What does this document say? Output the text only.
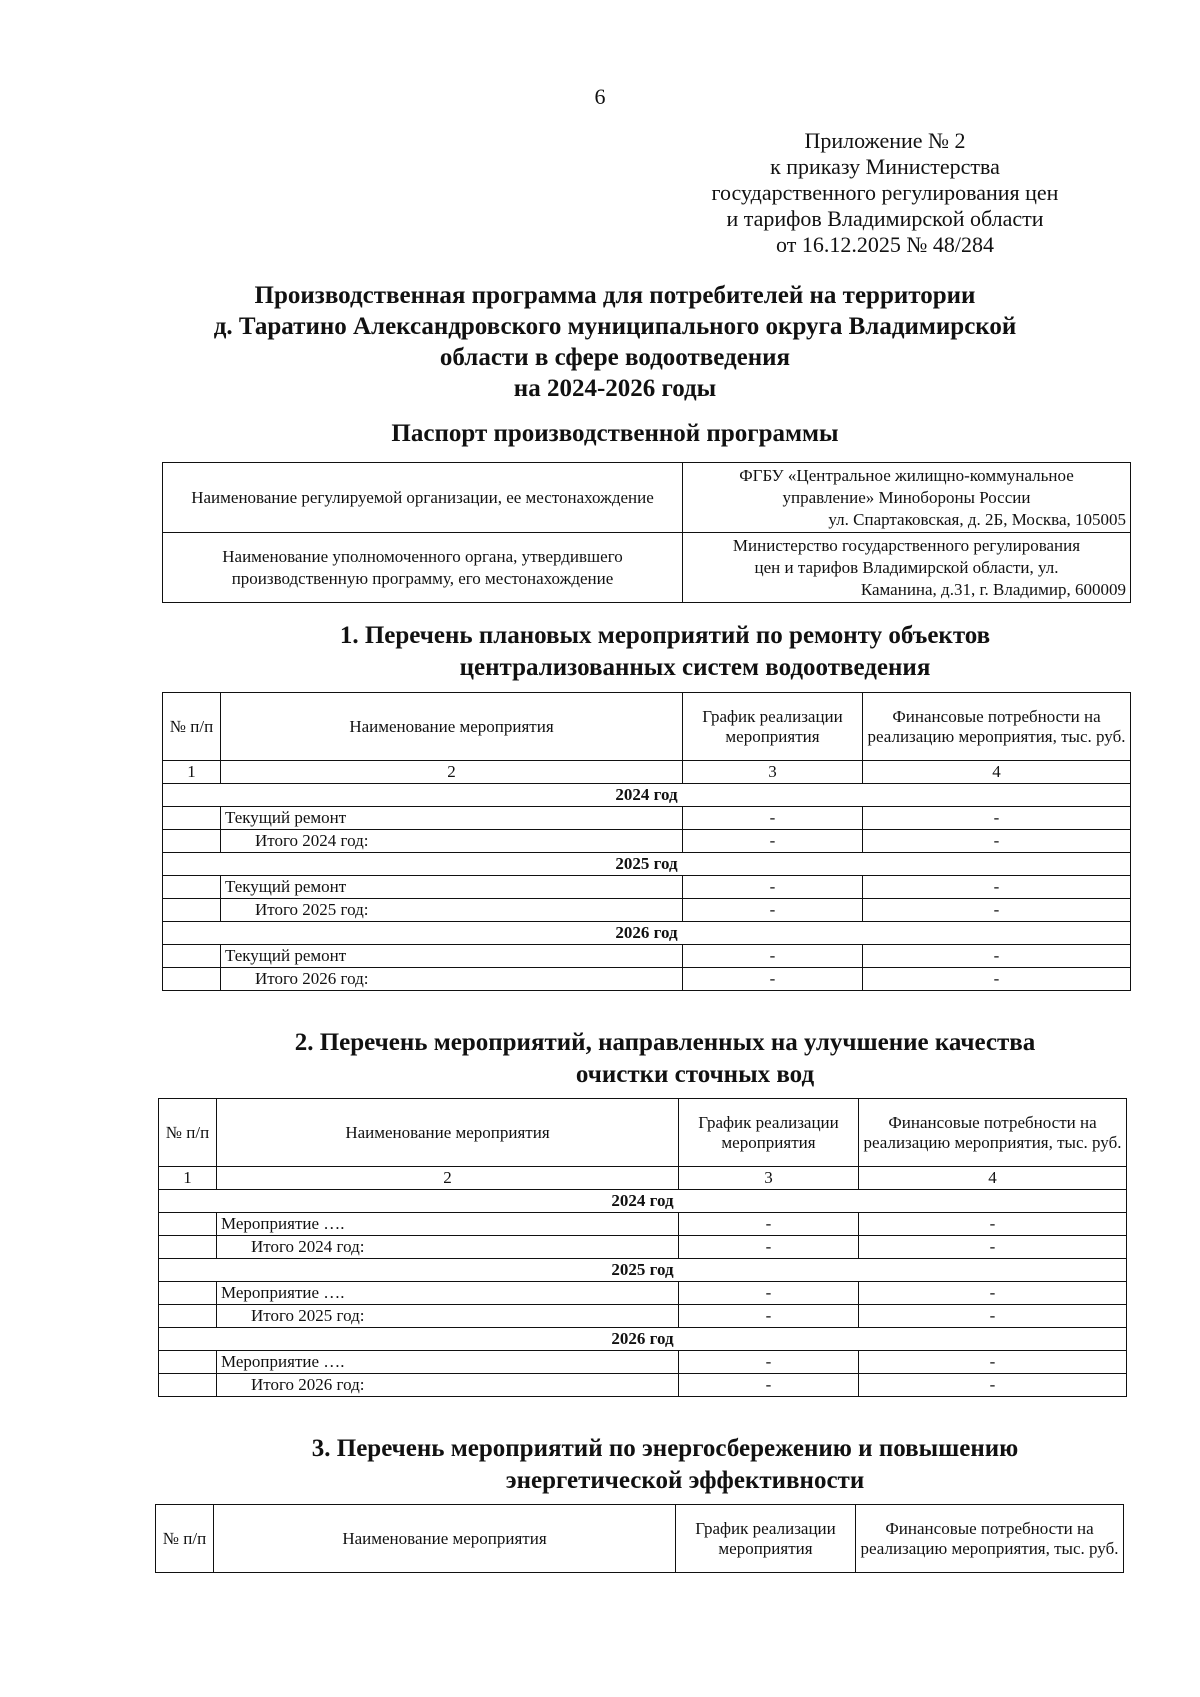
6
Приложение № 2
к приказу Министерства
государственного регулирования цен
и тарифов Владимирской области
от 16.12.2025 № 48/284
Производственная программа для потребителей на территории
д. Таратино Александровского муниципального округа Владимирской
области в сфере водоотведения
на 2024-2026 годы
Паспорт производственной программы
Наименование регулируемой организации, ее местонахождение	ФГБУ «Центральное жилищно-коммунальное
управление» Минобороны России
ул. Спартаковская, д. 2Б, Москва, 105005

Наименование уполномоченного органа, утвердившего производственную программу, его местонахождение	Министерство государственного регулирования
цен и тарифов Владимирской области, ул.
Каманина, д.31, г. Владимир, 600009
1. Перечень плановых мероприятий по ремонту объектов
централизованных систем водоотведения
№ п/п	Наименование мероприятия	График реализации мероприятия	Финансовые потребности на реализацию мероприятия, тыс. руб.
1	2	3	4
2024 год			
	Текущий ремонт	-	-
	Итого 2024 год:	-	-
2025 год			
	Текущий ремонт	-	-
	Итого 2025 год:	-	-
2026 год			
	Текущий ремонт	-	-
	Итого 2026 год:	-	-
2. Перечень мероприятий, направленных на улучшение качества
очистки сточных вод
№ п/п	Наименование мероприятия	График реализации мероприятия	Финансовые потребности на реализацию мероприятия, тыс. руб.
1	2	3	4
2024 год			
	Мероприятие ….	-	-
	Итого 2024 год:	-	-
2025 год			
	Мероприятие ….	-	-
	Итого 2025 год:	-	-
2026 год			
	Мероприятие ….	-	-
	Итого 2026 год:	-	-
3. Перечень мероприятий по энергосбережению и повышению
энергетической эффективности
№ п/п	Наименование мероприятия	График реализации мероприятия	Финансовые потребности на реализацию мероприятия, тыс. руб.
